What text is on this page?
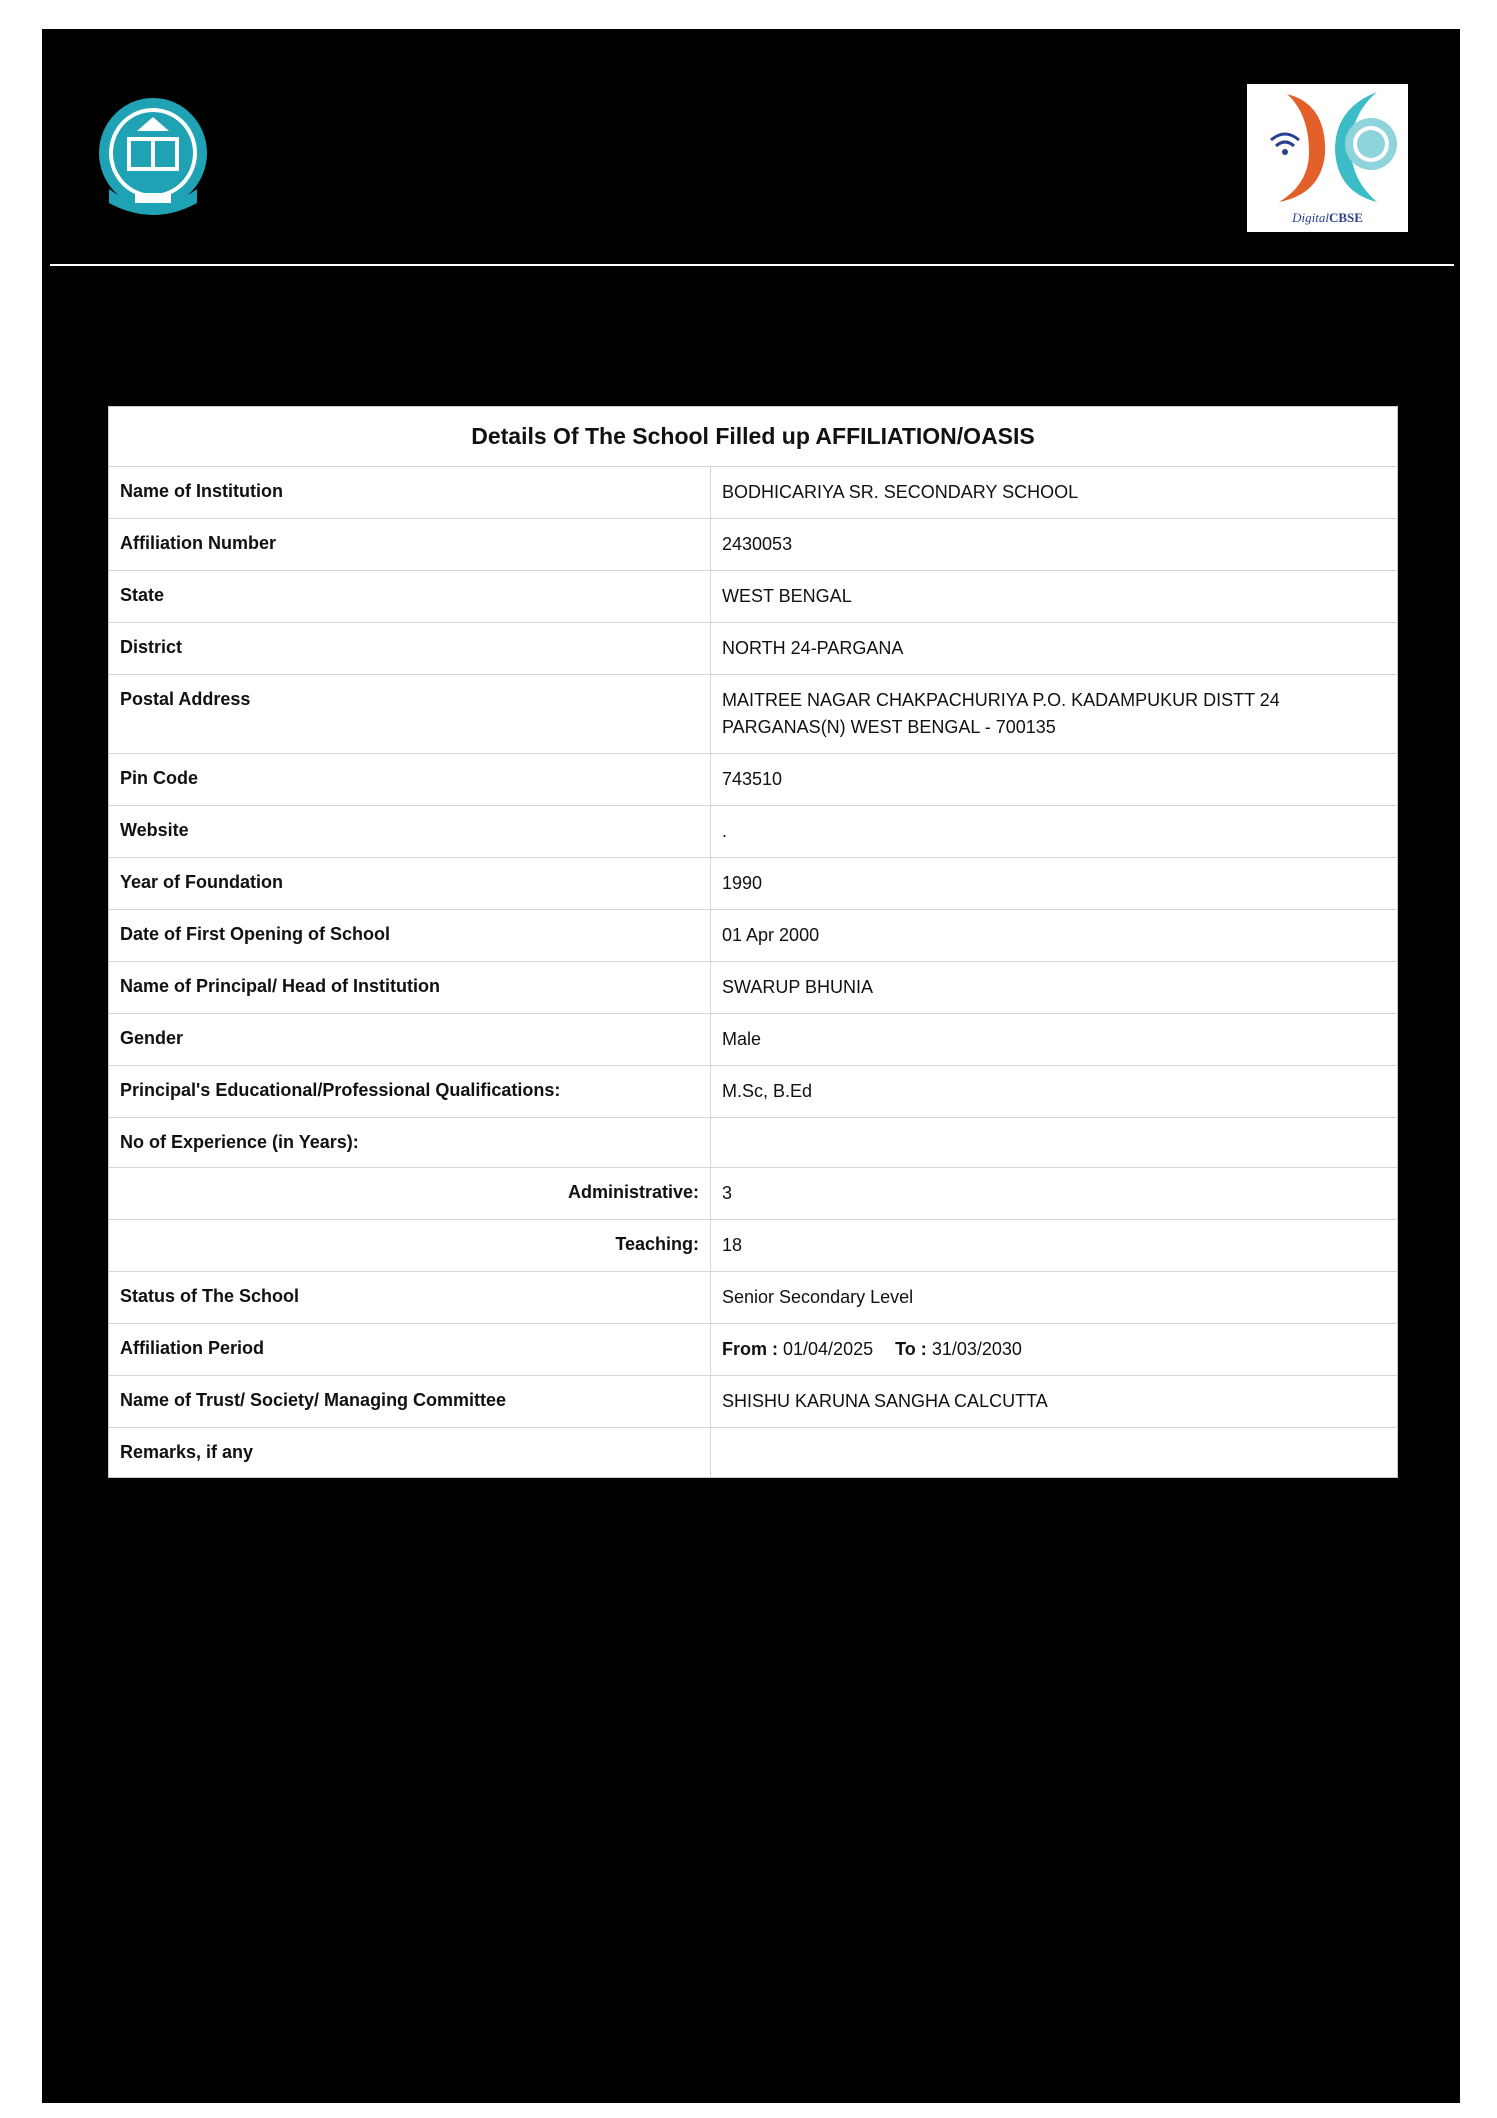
DigitalCBSE
Details Of The School Filled up AFFILIATION/OASIS
Name of Institution	BODHICARIYA SR. SECONDARY SCHOOL
Affiliation Number	2430053
State	WEST BENGAL
District	NORTH 24-PARGANA
Postal Address	MAITREE NAGAR CHAKPACHURIYA P.O. KADAMPUKUR DISTT 24 PARGANAS(N) WEST BENGAL - 700135
Pin Code	743510
Website	.
Year of Foundation	1990
Date of First Opening of School	01 Apr 2000
Name of Principal/ Head of Institution	SWARUP BHUNIA
Gender	Male
Principal's Educational/Professional Qualifications:	M.Sc, B.Ed
No of Experience (in Years):
Administrative:	3
Teaching:	18
Status of The School	Senior Secondary Level
Affiliation Period	From : 01/04/2025 To : 31/03/2030
Name of Trust/ Society/ Managing Committee	SHISHU KARUNA SANGHA CALCUTTA
Remarks, if any
